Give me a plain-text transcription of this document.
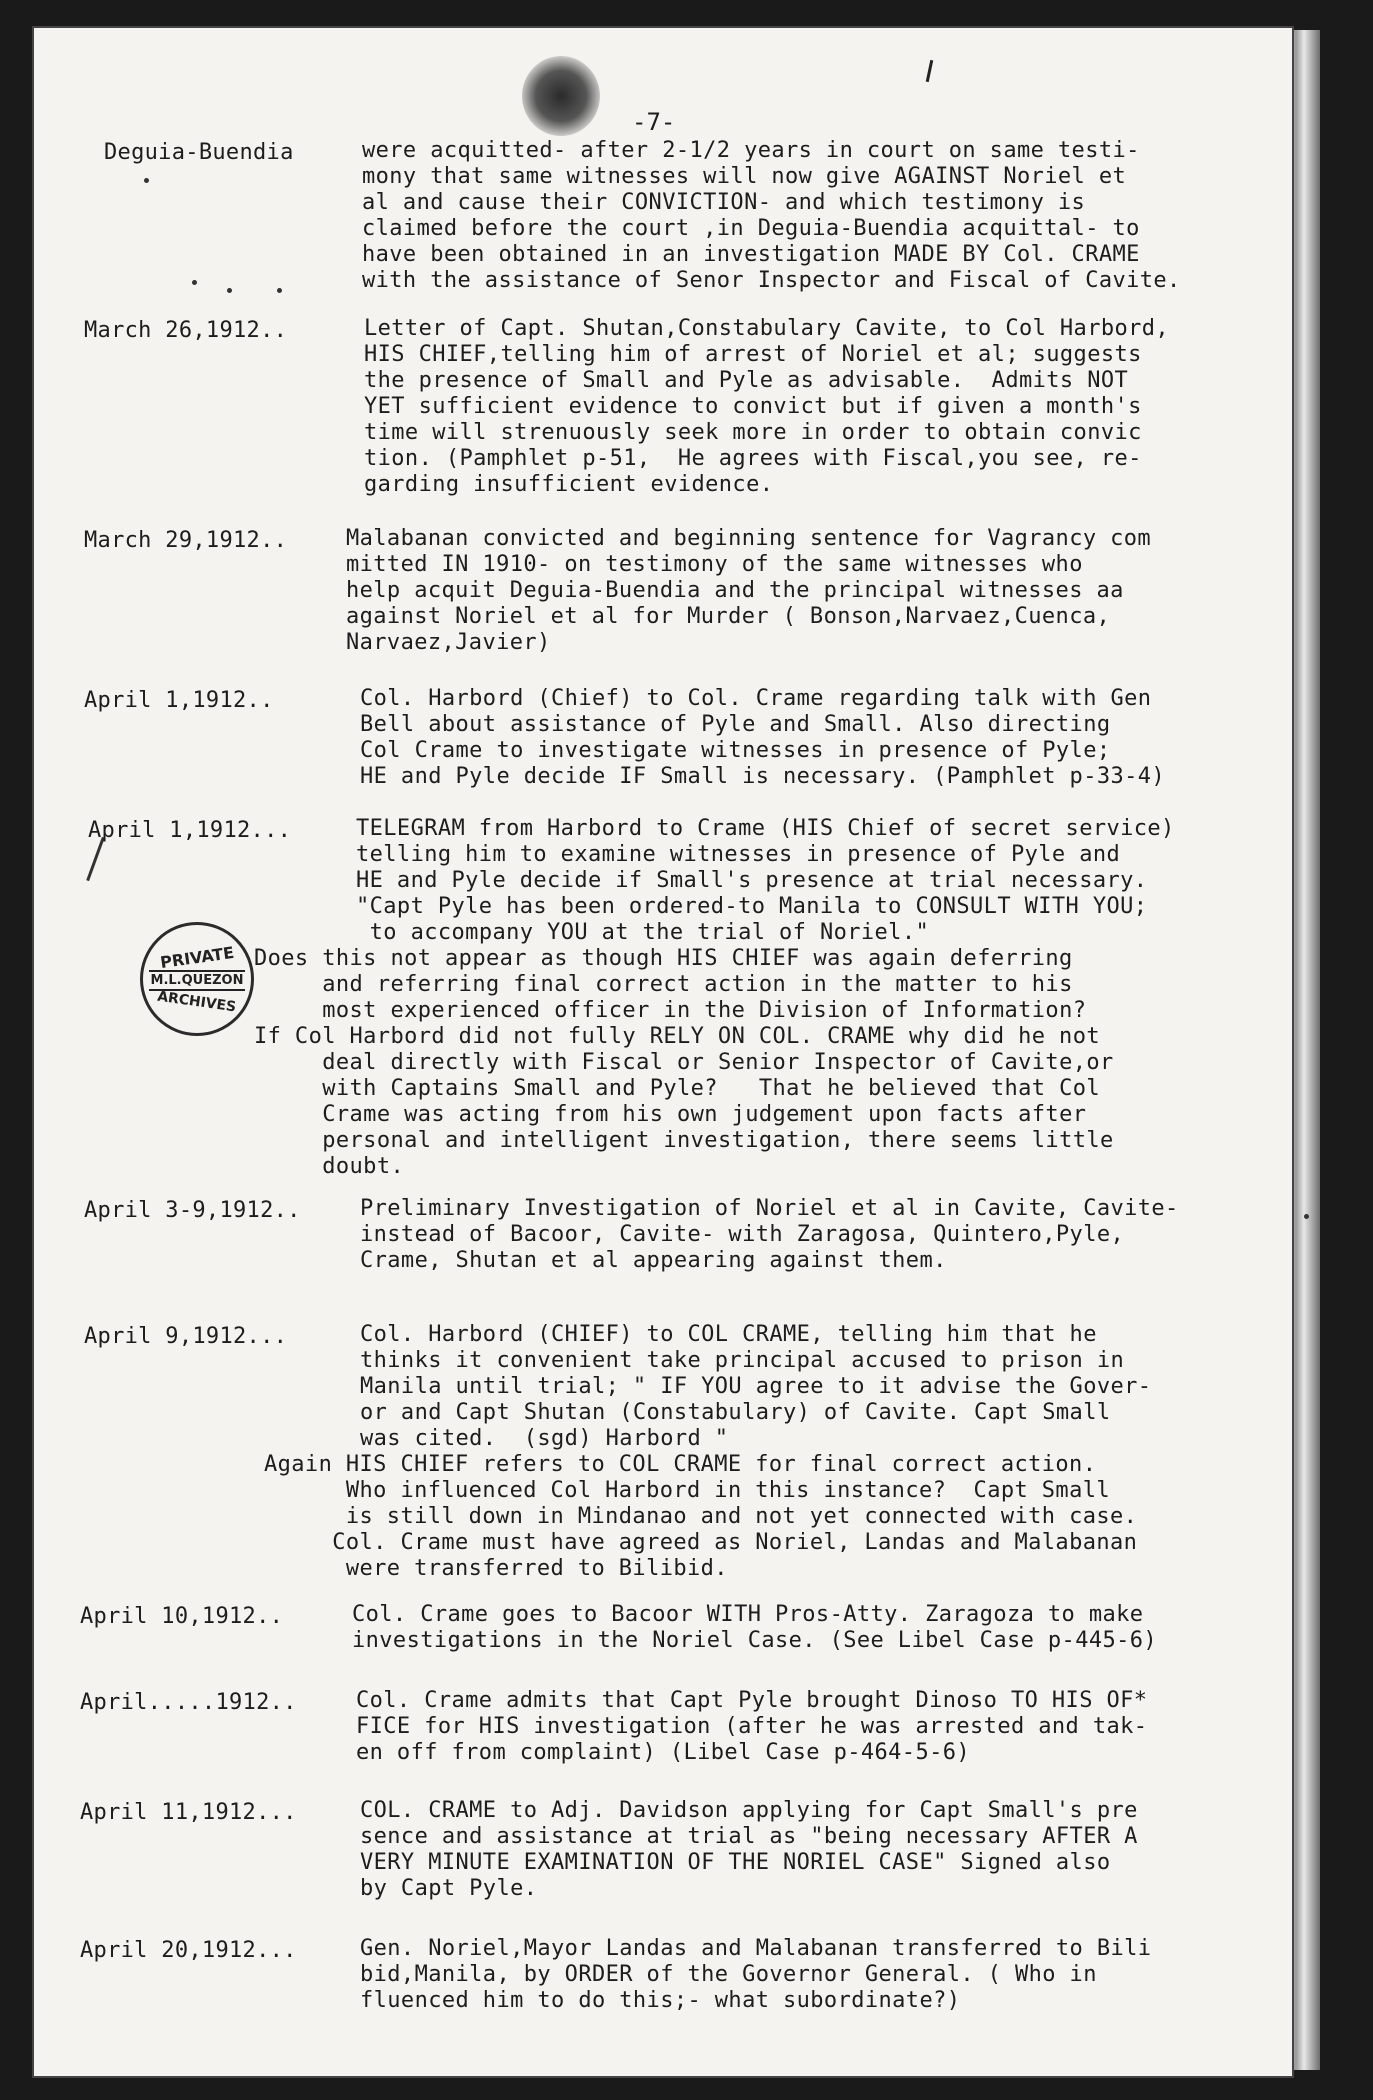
-7-
Deguia-Buendia	were acquitted- after 2-1/2 years in court on same testi-
mony that same witnesses will now give AGAINST Noriel et
al and cause their CONVICTION- and which testimony is
claimed before the court ,in Deguia-Buendia acquittal- to
have been obtained in an investigation MADE BY Col. CRAME
with the assistance of Senor Inspector and Fiscal of Cavite.
March 26,1912..	Letter of Capt. Shutan,Constabulary Cavite, to Col Harbord,
HIS CHIEF,telling him of arrest of Noriel et al; suggests
the presence of Small and Pyle as advisable.  Admits NOT
YET sufficient evidence to convict but if given a month's
time will strenuously seek more in order to obtain convic
tion. (Pamphlet p-51,  He agrees with Fiscal,you see, re-
garding insufficient evidence.
March 29,1912..	Malabanan convicted and beginning sentence for Vagrancy com
mitted IN 1910- on testimony of the same witnesses who
help acquit Deguia-Buendia and the principal witnesses aa
against Noriel et al for Murder ( Bonson,Narvaez,Cuenca,
Narvaez,Javier)
April 1,1912..	Col. Harbord (Chief) to Col. Crame regarding talk with Gen
Bell about assistance of Pyle and Small. Also directing
Col Crame to investigate witnesses in presence of Pyle;
HE and Pyle decide IF Small is necessary. (Pamphlet p-33-4)
April 1,1912...	TELEGRAM from Harbord to Crame (HIS Chief of secret service)
telling him to examine witnesses in presence of Pyle and
HE and Pyle decide if Small's presence at trial necessary.
"Capt Pyle has been ordered-to Manila to CONSULT WITH YOU;
to accompany YOU at the trial of Noriel."
PRIVATE
M.L.QUEZON
ARCHIVES
Does this not appear as though HIS CHIEF was again deferring
and referring final correct action in the matter to his
most experienced officer in the Division of Information?
If Col Harbord did not fully RELY ON COL. CRAME why did he not
deal directly with Fiscal or Senior Inspector of Cavite,or
with Captains Small and Pyle?   That he believed that Col
Crame was acting from his own judgement upon facts after
personal and intelligent investigation, there seems little
doubt.
April 3-9,1912..	Preliminary Investigation of Noriel et al in Cavite, Cavite-
instead of Bacoor, Cavite- with Zaragosa, Quintero,Pyle,
Crame, Shutan et al appearing against them.
April 9,1912...	Col. Harbord (CHIEF) to COL CRAME, telling him that he
thinks it convenient take principal accused to prison in
Manila until trial; " IF YOU agree to it advise the Gover-
or and Capt Shutan (Constabulary) of Cavite. Capt Small
was cited.  (sgd) Harbord "
Again HIS CHIEF refers to COL CRAME for final correct action.
Who influenced Col Harbord in this instance?  Capt Small
is still down in Mindanao and not yet connected with case.
Col. Crame must have agreed as Noriel, Landas and Malabanan
were transferred to Bilibid.
April 10,1912..	Col. Crame goes to Bacoor WITH Pros-Atty. Zaragoza to make
investigations in the Noriel Case. (See Libel Case p-445-6)
April.....1912..	Col. Crame admits that Capt Pyle brought Dinoso TO HIS OF*
FICE for HIS investigation (after he was arrested and tak-
en off from complaint) (Libel Case p-464-5-6)
April 11,1912...	COL. CRAME to Adj. Davidson applying for Capt Small's pre
sence and assistance at trial as "being necessary AFTER A
VERY MINUTE EXAMINATION OF THE NORIEL CASE" Signed also
by Capt Pyle.
April 20,1912...	Gen. Noriel,Mayor Landas and Malabanan transferred to Bili
bid,Manila, by ORDER of the Governor General. ( Who in
fluenced him to do this;- what subordinate?)
